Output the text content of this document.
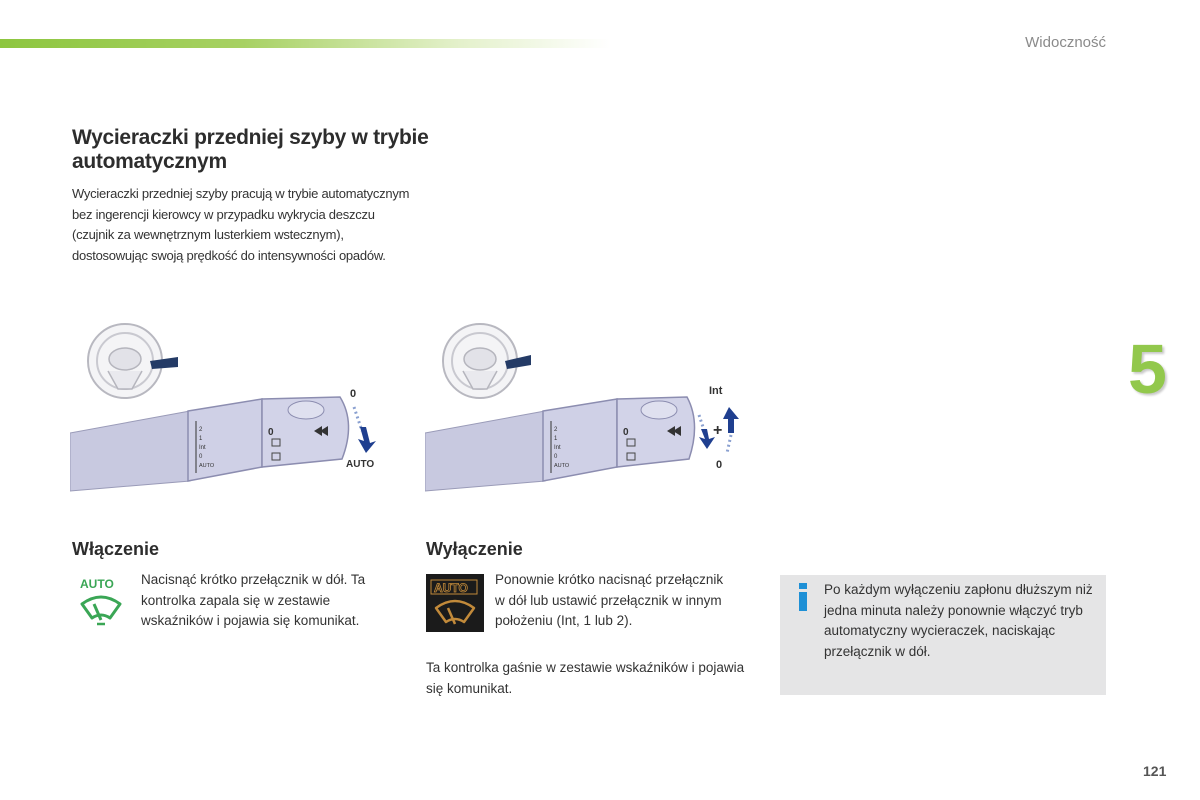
Widoczność
5
Wycieraczki przedniej szyby w trybie automatycznym

Wycieraczki przedniej szyby pracują w trybie automatycznym bez ingerencji kierowcy w przypadku wykrycia deszczu (czujnik za wewnętrznym lusterkiem wstecznym), dostosowując swoją prędkość do intensywności opadów.

0
2
1
Int
0
AUTO
0
AUTO
0
2
1
Int
0
AUTO
Int
+
0
Włączenie
AUTO Nacisnąć krótko przełącznik w dół. Ta kontrolka zapala się w zestawie wskaźników i pojawia się komunikat.

Wyłączenie
AUTO

Ponownie krótko nacisnąć przełącznik w dół lub ustawić przełącznik w innym położeniu (Int, 1 lub 2).

Ta kontrolka gaśnie w zestawie wskaźników i pojawia się komunikat.

Po każdym wyłączeniu zapłonu dłuższym niż jedna minuta należy ponownie włączyć tryb automatyczny wycieraczek, naciskając przełącznik w dół.

121
